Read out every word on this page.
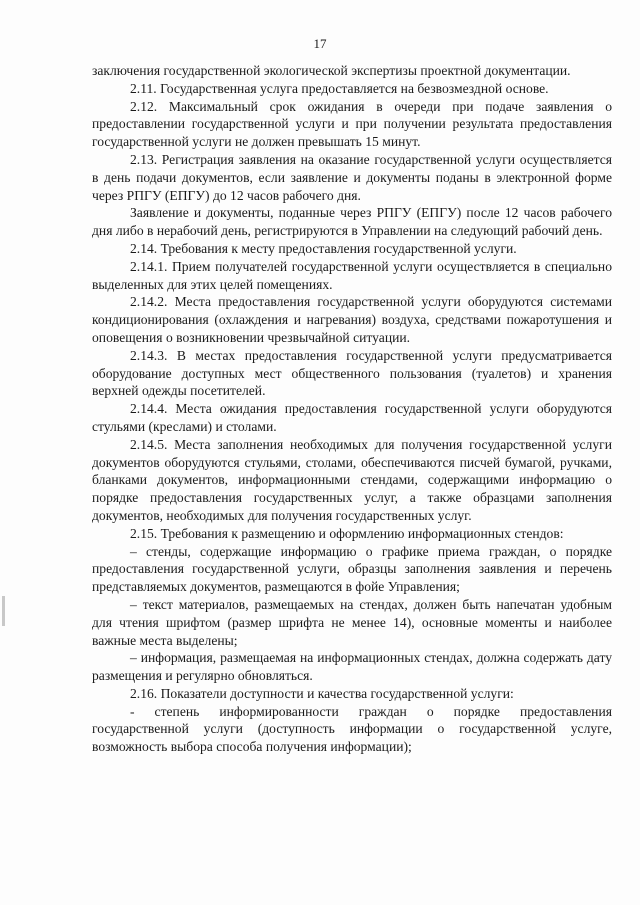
17

заключения государственной экологической экспертизы проектной документации.

2.11. Государственная услуга предоставляется на безвозмездной основе.

2.12. Максимальный срок ожидания в очереди при подаче заявления о предоставлении государственной услуги и при получении результата предоставления государственной услуги не должен превышать 15 минут.

2.13. Регистрация заявления на оказание государственной услуги осуществляется в день подачи документов, если заявление и документы поданы в электронной форме через РПГУ (ЕПГУ) до 12 часов рабочего дня.

Заявление и документы, поданные через РПГУ (ЕПГУ) после 12 часов рабочего дня либо в нерабочий день, регистрируются в Управлении на следующий рабочий день.

2.14. Требования к месту предоставления государственной услуги.

2.14.1. Прием получателей государственной услуги осуществляется в специально выделенных для этих целей помещениях.

2.14.2. Места предоставления государственной услуги оборудуются системами кондиционирования (охлаждения и нагревания) воздуха, средствами пожаротушения и оповещения о возникновении чрезвычайной ситуации.

2.14.3. В местах предоставления государственной услуги предусматривается оборудование доступных мест общественного пользования (туалетов) и хранения верхней одежды посетителей.

2.14.4. Места ожидания предоставления государственной услуги оборудуются стульями (креслами) и столами.

2.14.5. Места заполнения необходимых для получения государственной услуги документов оборудуются стульями, столами, обеспечиваются писчей бумагой, ручками, бланками документов, информационными стендами, содержащими информацию о порядке предоставления государственных услуг, а также образцами заполнения документов, необходимых для получения государственных услуг.

2.15. Требования к размещению и оформлению информационных стендов:

– стенды, содержащие информацию о графике приема граждан, о порядке предоставления государственной услуги, образцы заполнения заявления и перечень представляемых документов, размещаются в фойе Управления;

– текст материалов, размещаемых на стендах, должен быть напечатан удобным для чтения шрифтом (размер шрифта не менее 14), основные моменты и наиболее важные места выделены;

– информация, размещаемая на информационных стендах, должна содержать дату размещения и регулярно обновляться.

2.16. Показатели доступности и качества государственной услуги:

- степень информированности граждан о порядке предоставления государственной услуги (доступность информации о государственной услуге, возможность выбора способа получения информации);
